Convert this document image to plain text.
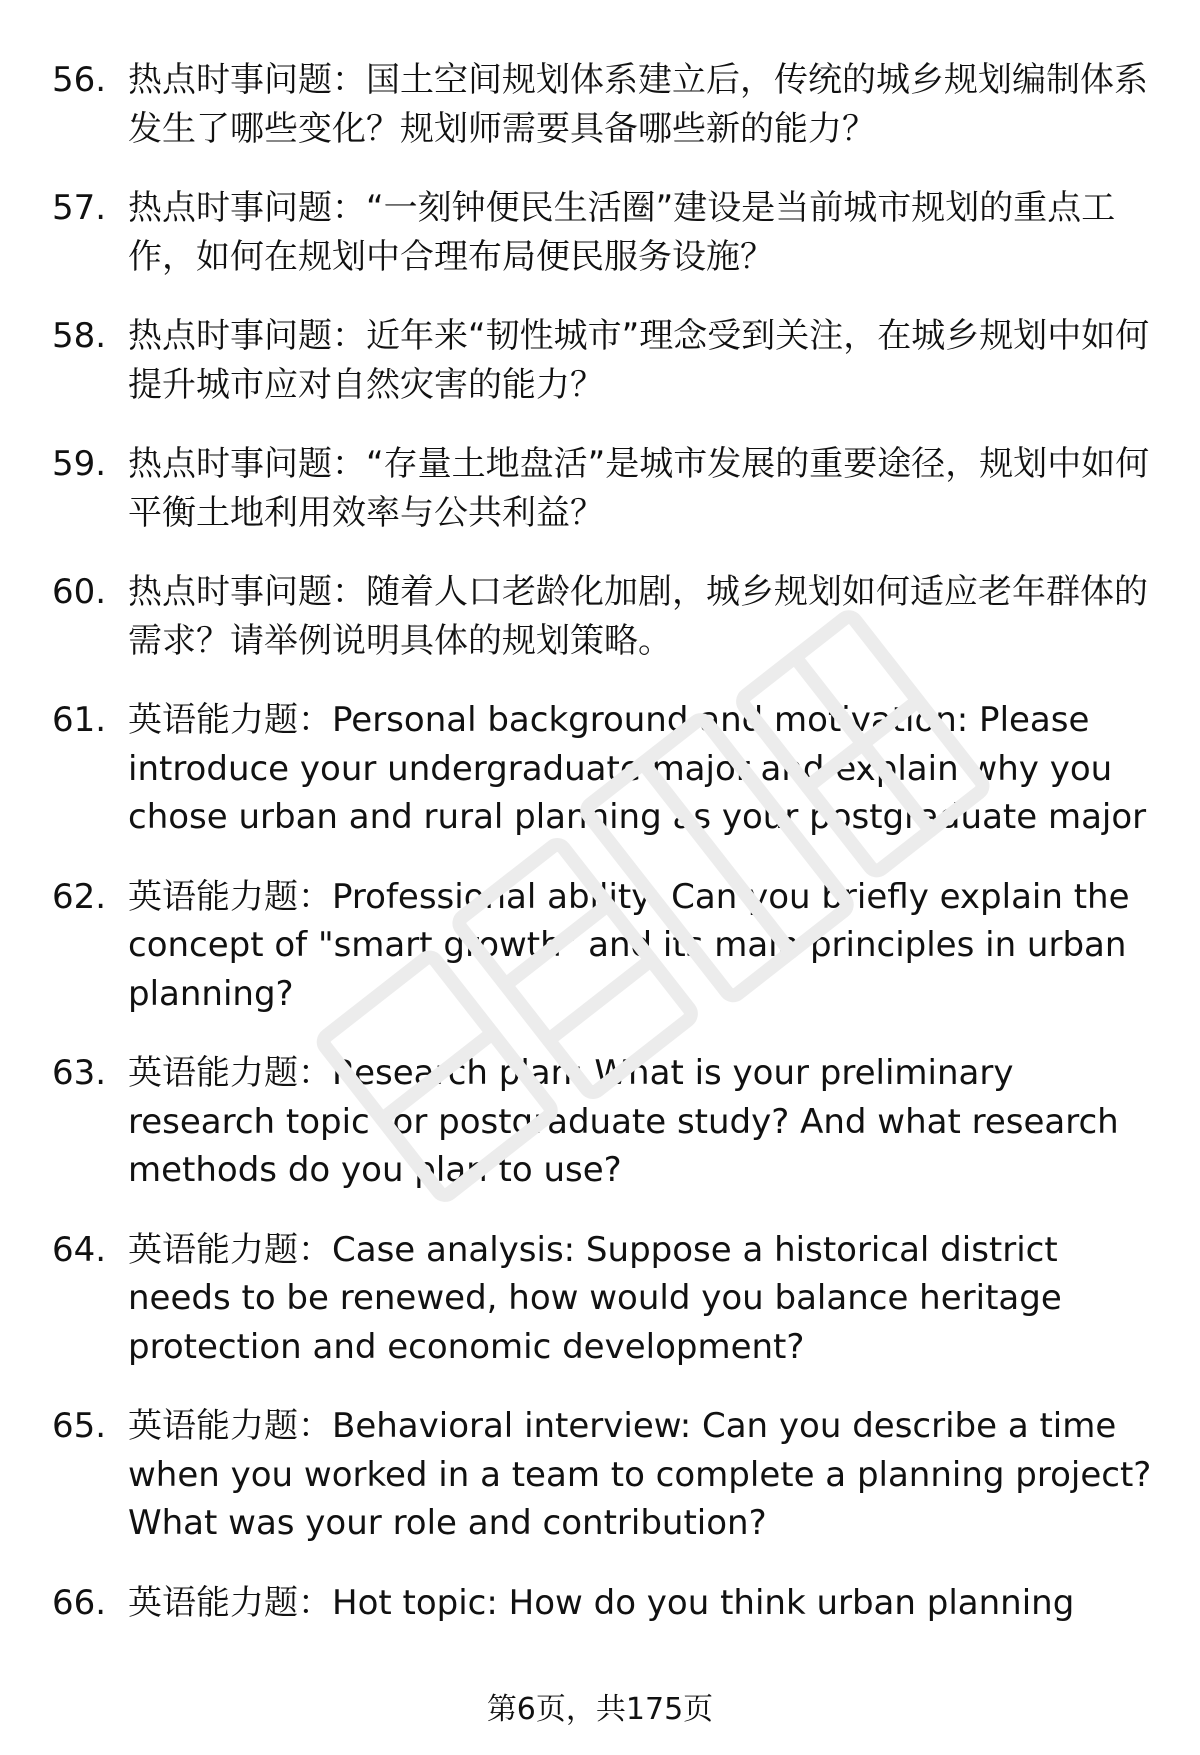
56. 热点时事问题：国土空间规划体系建立后，传统的城乡规划编制体系发生了哪些变化？规划师需要具备哪些新的能力？
57. 热点时事问题：“一刻钟便民生活圈”建设是当前城市规划的重点工作，如何在规划中合理布局便民服务设施？
58. 热点时事问题：近年来“韧性城市”理念受到关注，在城乡规划中如何提升城市应对自然灾害的能力？
59. 热点时事问题：“存量土地盘活”是城市发展的重要途径，规划中如何平衡土地利用效率与公共利益？
60. 热点时事问题：随着人口老龄化加剧，城乡规划如何适应老年群体的需求？请举例说明具体的规划策略。
61. 英语能力题：Personal background and motivation: Please introduce your undergraduate major and explain why you chose urban and rural planning as your postgraduate major
62. 英语能力题：Professional ability: Can you briefly explain the concept of "smart growth" and its main principles in urban planning?
63. 英语能力题：Research plan: What is your preliminary research topic for postgraduate study? And what research methods do you plan to use?
64. 英语能力题：Case analysis: Suppose a historical district needs to be renewed, how would you balance heritage protection and economic development?
65. 英语能力题：Behavioral interview: Can you describe a time when you worked in a team to complete a planning project? What was your role and contribution?
66. 英语能力题：Hot topic: How do you think urban planning
第6页，共175页
